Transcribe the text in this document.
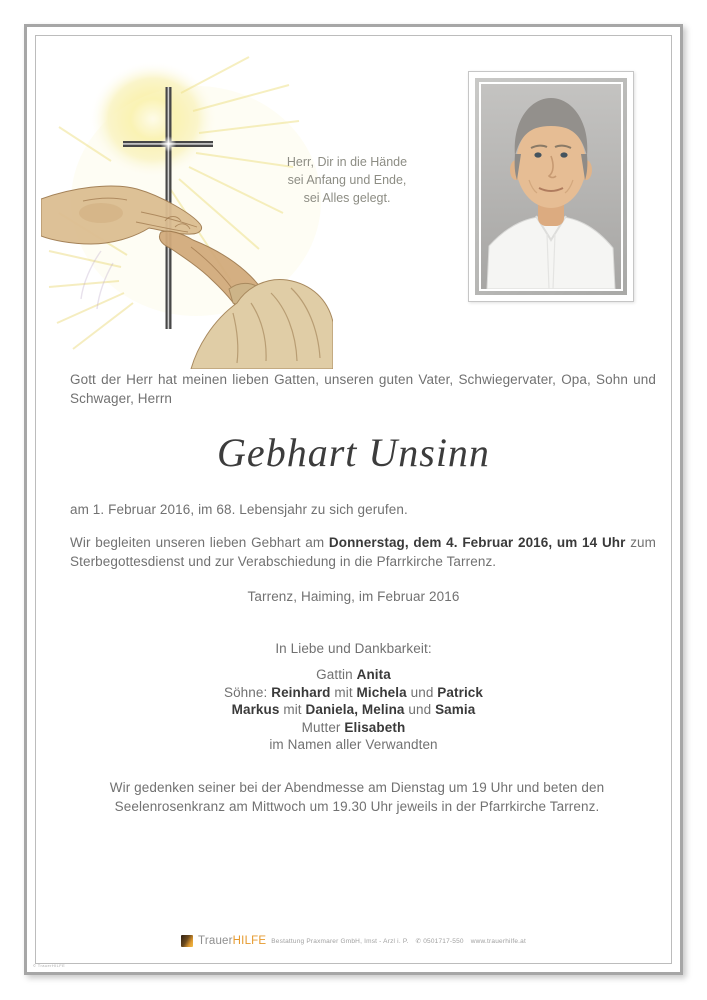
Herr, Dir in die Hände
sei Anfang und Ende,
sei Alles gelegt.

Gott der Herr hat meinen lieben Gatten, unseren guten Vater, Schwiegervater, Opa, Sohn und Schwager, Herrn

Gebhart Unsinn

am 1. Februar 2016, im 68. Lebensjahr zu sich gerufen.

Wir begleiten unseren lieben Gebhart am Donnerstag, dem 4. Februar 2016, um 14 Uhr zum Sterbegottesdienst und zur Verabschiedung in die Pfarrkirche Tarrenz.

Tarrenz, Haiming, im Februar 2016
In Liebe und Dankbarkeit:
Gattin Anita
Söhne: Reinhard mit Michela und Patrick
Markus mit Daniela, Melina und Samia
Mutter Elisabeth
im Namen aller Verwandten

Wir gedenken seiner bei der Abendmesse am Dienstag um 19 Uhr und beten den Seelenrosenkranz am Mittwoch um 19.30 Uhr jeweils in der Pfarrkirche Tarrenz.

TrauerHILFE Bestattung Praxmarer GmbH, Imst - Arzl i. P. ✆ 0501717-550 www.trauerhilfe.at
© TrauerHILFE
